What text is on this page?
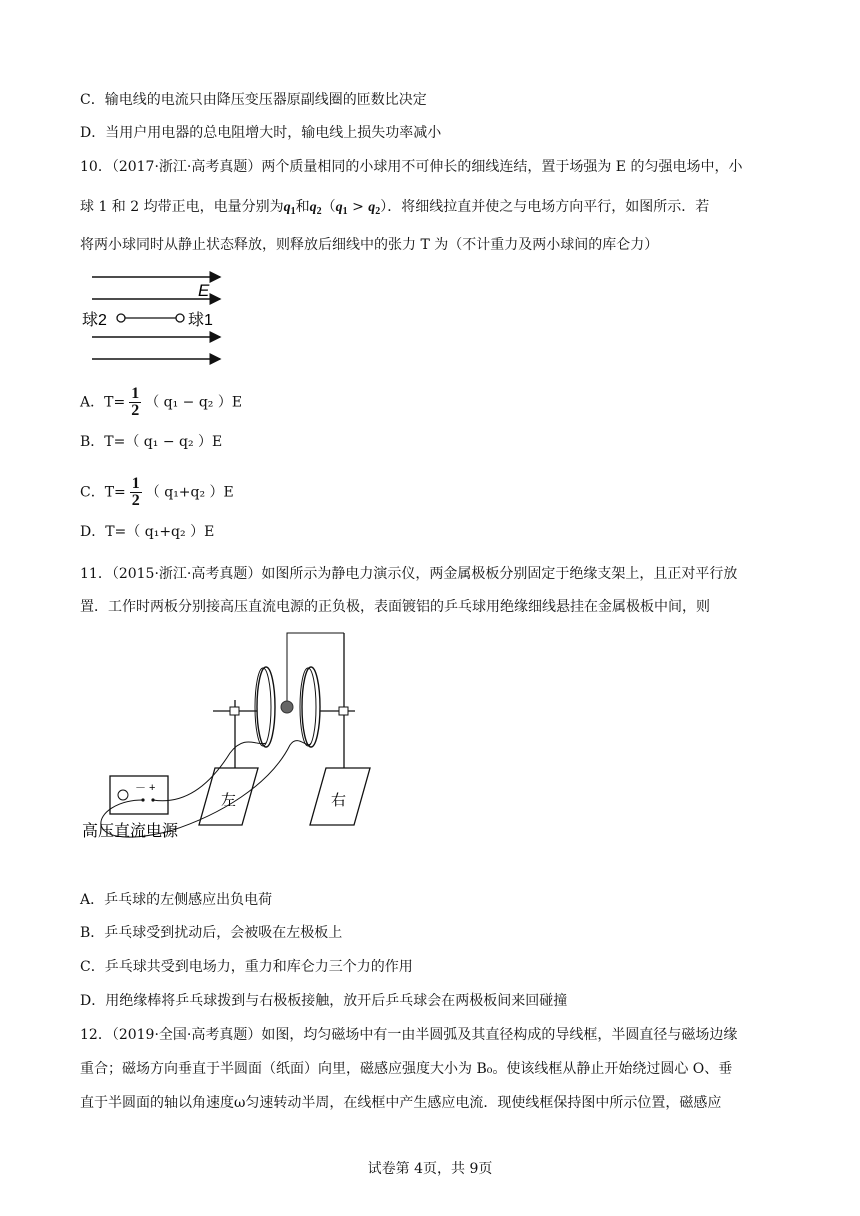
C．输电线的电流只由降压变压器原副线圈的匝数比决定
D．当用户用电器的总电阻增大时，输电线上损失功率减小
10．（2017·浙江·高考真题）两个质量相同的小球用不可伸长的细线连结，置于场强为 E 的匀强电场中，小
球 1 和 2 均带正电，电量分别为$q_1$和$q_2(q_1 > q_2)$．将细线拉直并使之与电场方向平行，如图所示．若
将两小球同时从静止状态释放，则释放后细线中的张力 T 为（不计重力及两小球间的库仑力）
E
球2	球1
A．$T= \frac{1}{2}$ （ q₁ − q₂ ）E
B．T=（ q₁ − q₂ ）E
C．$T= \frac{1}{2}$ （ q₁+q₂ ）E
D．T=（ q₁+q₂ ）E
11．（2015·浙江·高考真题）如图所示为静电力演示仪，两金属极板分别固定于绝缘支架上，且正对平行放
置．工作时两板分别接高压直流电源的正负极，表面镀铝的乒乓球用绝缘细线悬挂在金属极板中间，则
左	右
－ +
高压直流电源
A．乒乓球的左侧感应出负电荷
B．乒乓球受到扰动后，会被吸在左极板上
C．乒乓球共受到电场力，重力和库仑力三个力的作用
D．用绝缘棒将乒乓球拨到与右极板接触，放开后乒乓球会在两极板间来回碰撞
12．（2019·全国·高考真题）如图，均匀磁场中有一由半圆弧及其直径构成的导线框，半圆直径与磁场边缘
重合；磁场方向垂直于半圆面（纸面）向里，磁感应强度大小为 B₀。使该线框从静止开始绕过圆心 O、垂
直于半圆面的轴以角速度ω匀速转动半周，在线框中产生感应电流．现使线框保持图中所示位置，磁感应
试卷第 4页，共 9页
